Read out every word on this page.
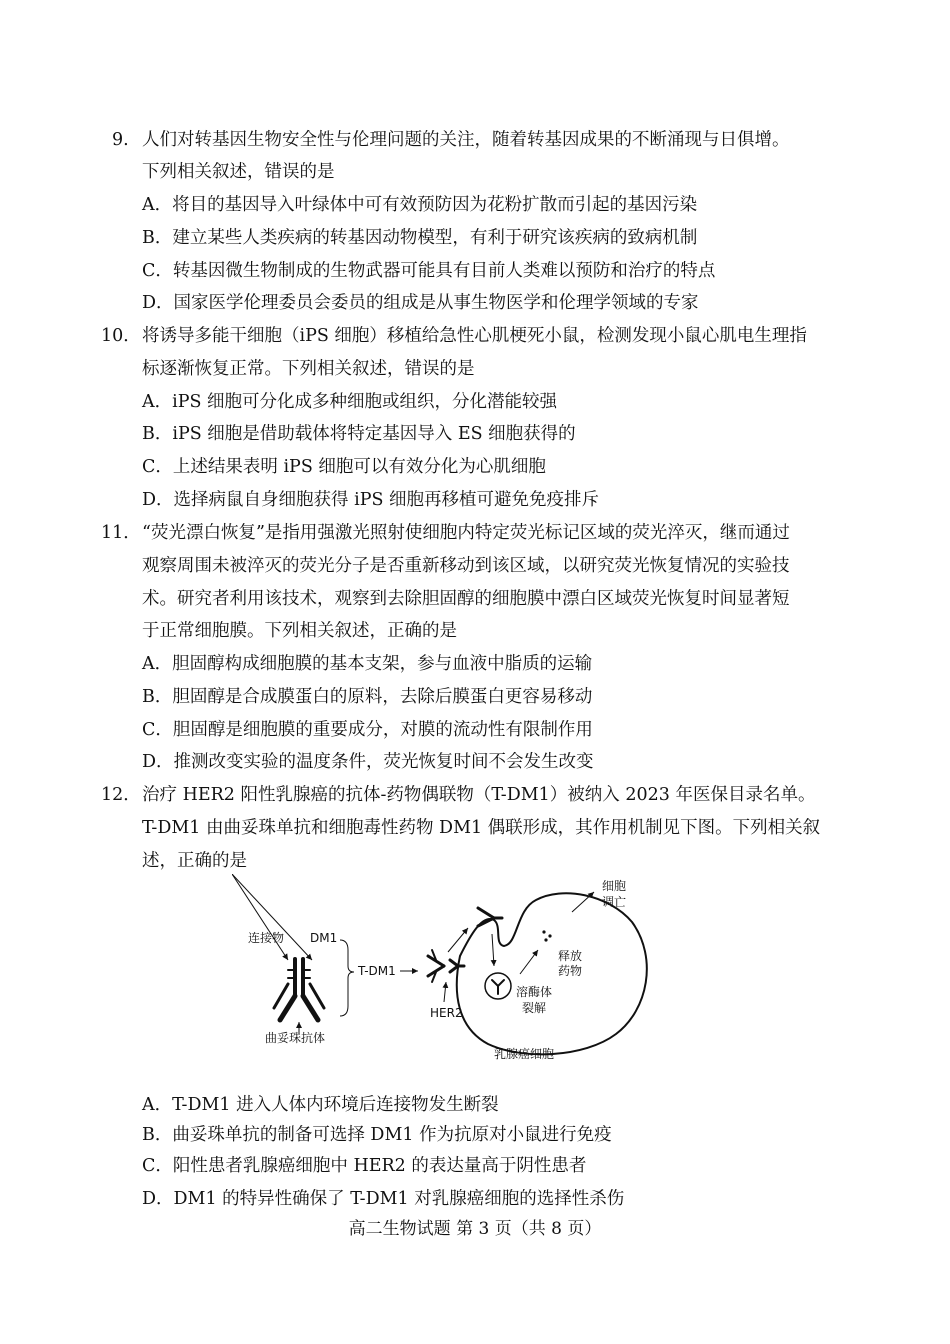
9. 人们对转基因生物安全性与伦理问题的关注，随着转基因成果的不断涌现与日俱增。
下列相关叙述，错误的是
A．将目的基因导入叶绿体中可有效预防因为花粉扩散而引起的基因污染
B．建立某些人类疾病的转基因动物模型，有利于研究该疾病的致病机制
C．转基因微生物制成的生物武器可能具有目前人类难以预防和治疗的特点
D．国家医学伦理委员会委员的组成是从事生物医学和伦理学领域的专家
10．将诱导多能干细胞（iPS 细胞）移植给急性心肌梗死小鼠，检测发现小鼠心肌电生理指
标逐渐恢复正常。下列相关叙述，错误的是
A．iPS 细胞可分化成多种细胞或组织，分化潜能较强
B．iPS 细胞是借助载体将特定基因导入 ES 细胞获得的
C．上述结果表明 iPS 细胞可以有效分化为心肌细胞
D．选择病鼠自身细胞获得 iPS 细胞再移植可避免免疫排斥
11．“荧光漂白恢复”是指用强激光照射使细胞内特定荧光标记区域的荧光淬灭，继而通过
观察周围未被淬灭的荧光分子是否重新移动到该区域，以研究荧光恢复情况的实验技
术。研究者利用该技术，观察到去除胆固醇的细胞膜中漂白区域荧光恢复时间显著短
于正常细胞膜。下列相关叙述，正确的是
A．胆固醇构成细胞膜的基本支架，参与血液中脂质的运输
B．胆固醇是合成膜蛋白的原料，去除后膜蛋白更容易移动
C．胆固醇是细胞膜的重要成分，对膜的流动性有限制作用
D．推测改变实验的温度条件，荧光恢复时间不会发生改变
12．治疗 HER2 阳性乳腺癌的抗体-药物偶联物（T-DM1）被纳入 2023 年医保目录名单。
T-DM1 由曲妥珠单抗和细胞毒性药物 DM1 偶联形成，其作用机制见下图。下列相关叙
述，正确的是
连接物 DM1
曲妥珠抗体
T-DM1
乳腺癌细胞
HER2
溶酶体
裂解
释放
药物
细胞
调亡
A．T-DM1 进入人体内环境后连接物发生断裂
B．曲妥珠单抗的制备可选择 DM1 作为抗原对小鼠进行免疫
C．阳性患者乳腺癌细胞中 HER2 的表达量高于阴性患者
D．DM1 的特异性确保了 T-DM1 对乳腺癌细胞的选择性杀伤
高二生物试题 第 3 页（共 8 页）
